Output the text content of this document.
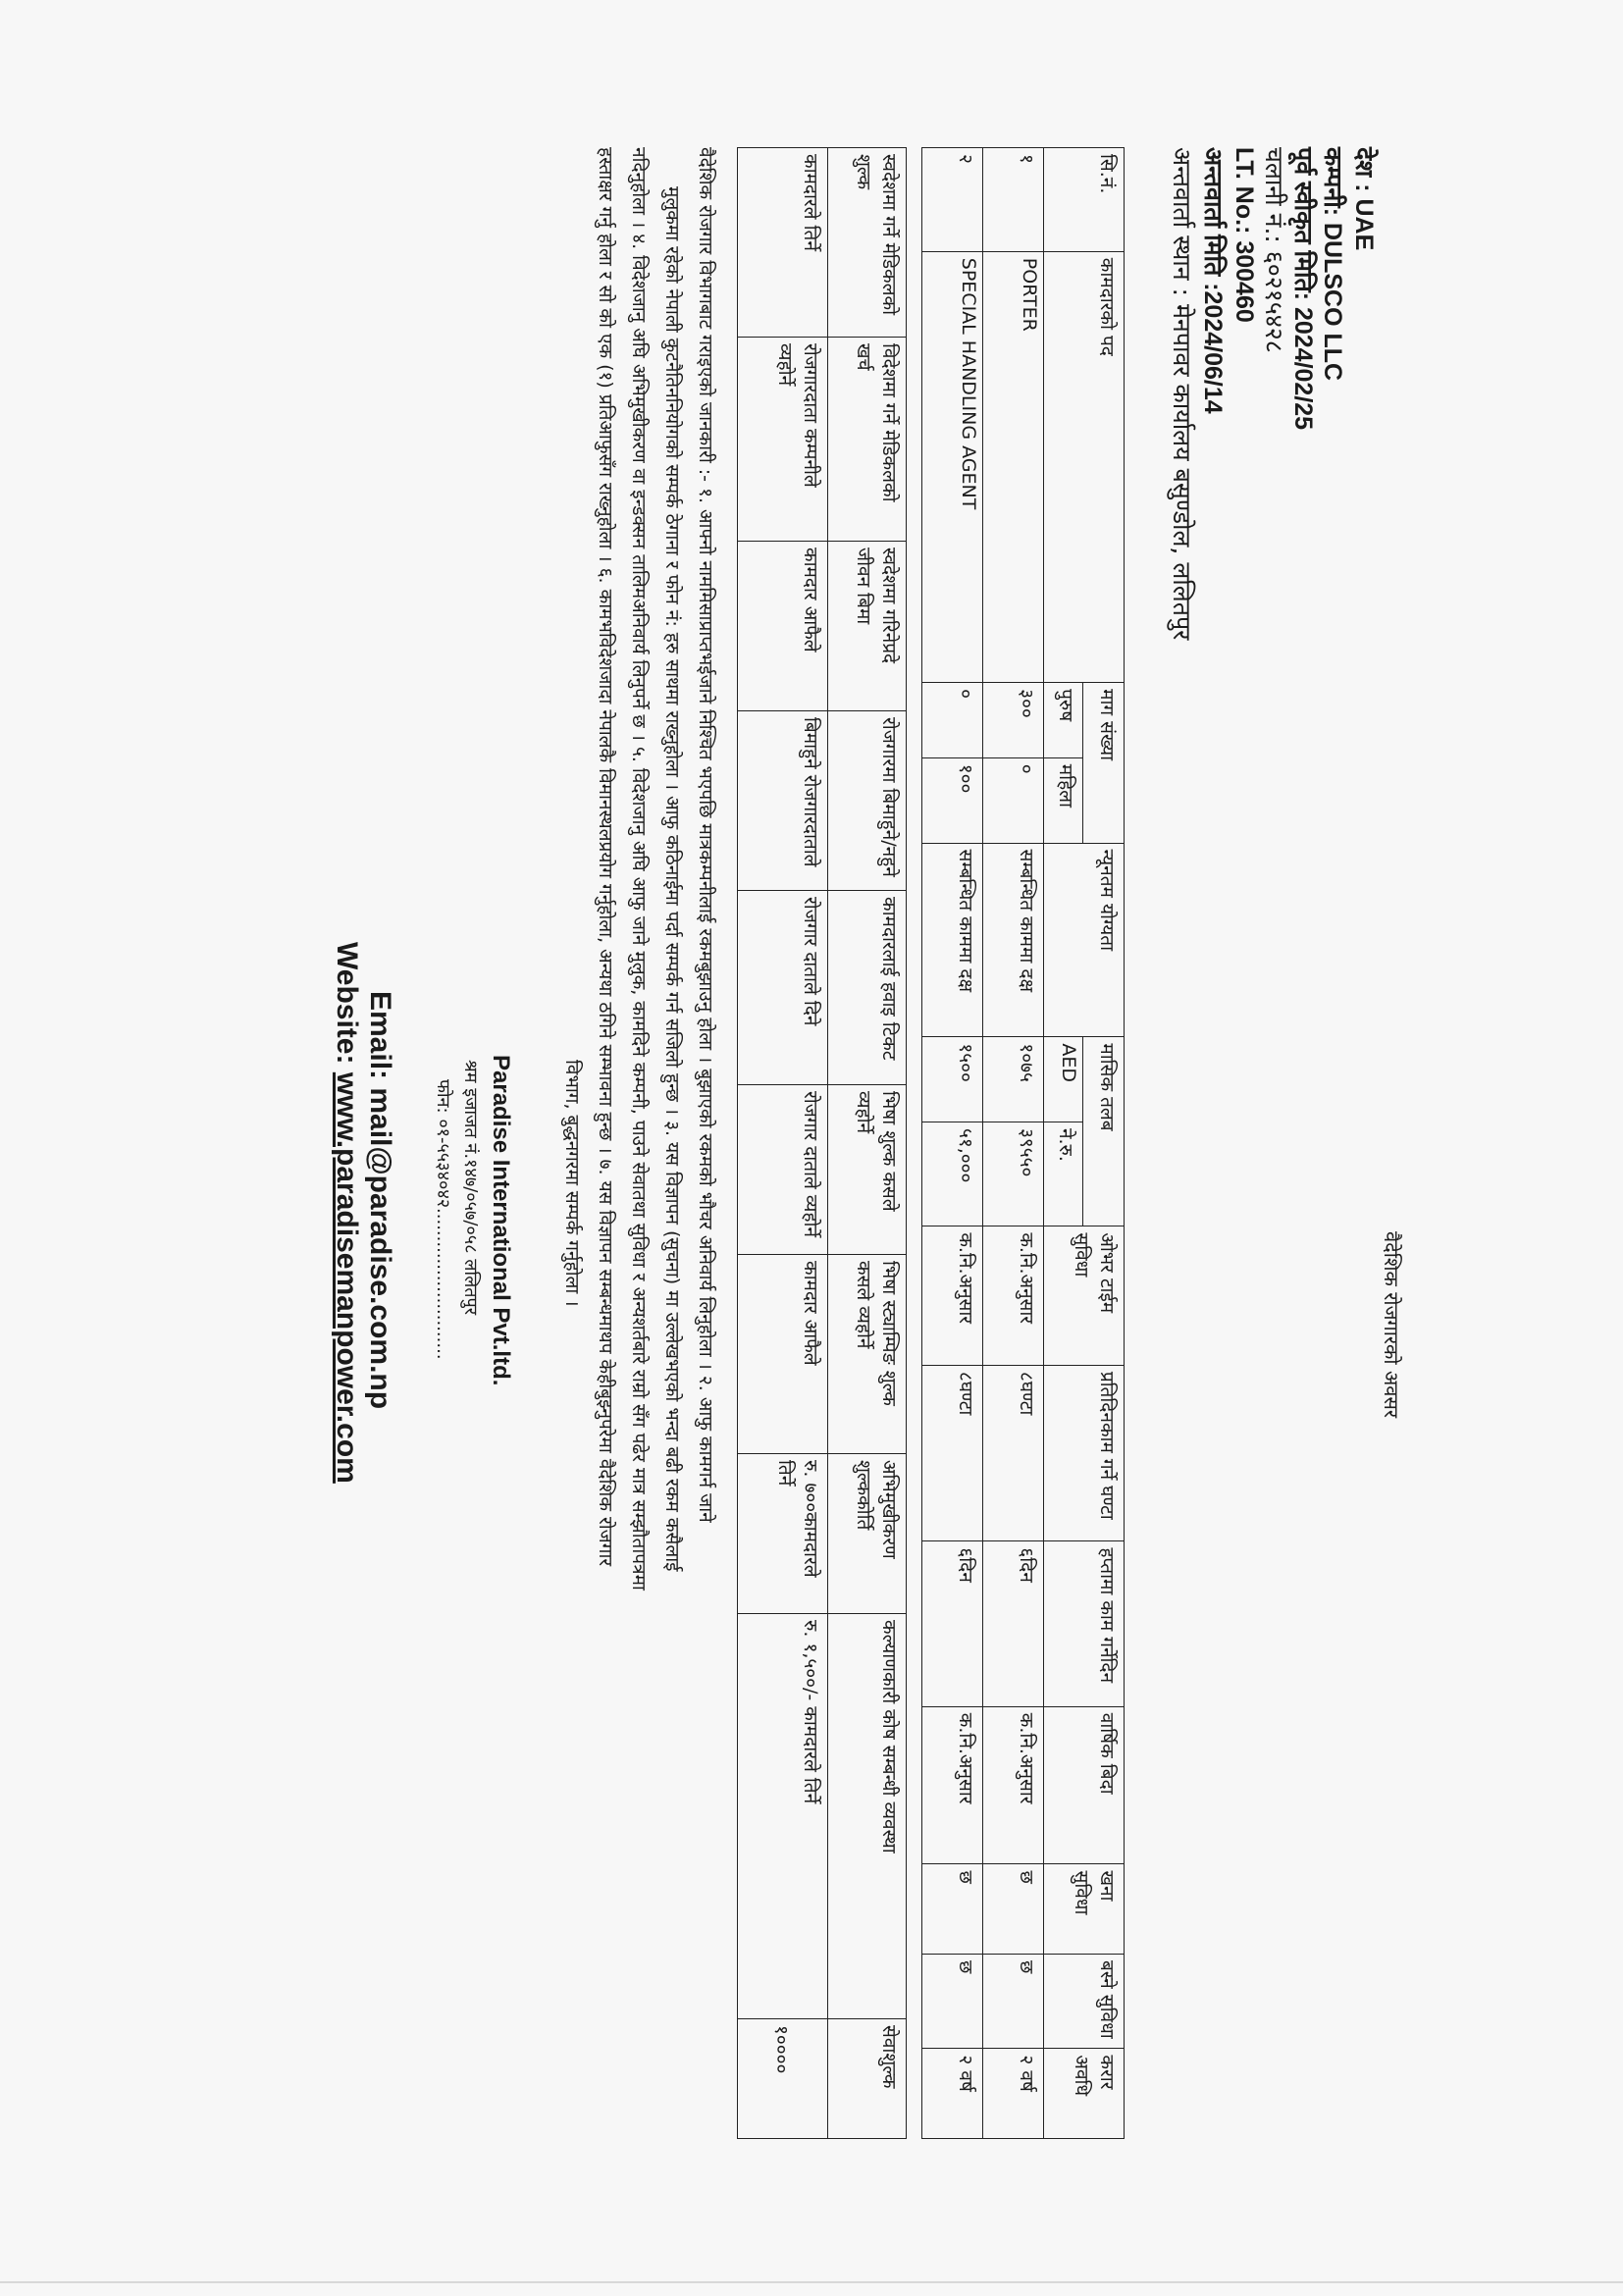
वैदेशिक रोजगारको अवसर
देश : UAE
कम्पनी: DULSCO LLC
पूर्व स्वीकृत मिति: 2024/02/25
चलानी नं.: ६०२१५४२८
LT. No.: 300460
अन्तवार्ता मिति :2024/06/14
अन्तवार्ता स्थान : मेनपावर कार्यालय बसुण्डोल, ललितपुर
सि.नं.	कामदारको पद	माग संख्या		न्यूनतम योग्यता	मासिक तलब		ओभर टाईम सुविधा	प्रतिदिनकाम गर्ने घण्टा	हप्तामा काम गर्नेदिन	वार्षिक बिदा	खना सुविधा	बस्ने सुविधा	करार अवधि
		पुरुष	महिला		AED	ने.रु.							
१	PORTER	३००	०	सम्बन्धित काममा दक्ष	१०७५	३९५५०	क.नि.अनुसार	८घण्टा	६दिन	क.नि.अनुसार	छ	छ	२ वर्ष
२	SPECIAL HANDLING AGENT	०	१००	सम्बन्धित काममा दक्ष	१५००	५१,०००	क.नि.अनुसार	८घण्टा	६दिन	क.नि.अनुसार	छ	छ	२ वर्ष
स्वदेशमा गर्ने मेडिकलको शुल्क	विदेशमा गर्ने मेडिकलको खर्च	स्वदेशमा गरिनेप्रदे जीवन बिमा	रोजगारमा बिमाहुने/नहुने	कामदारलाई हवाइ टिकट	भिषा शुल्क कसले व्यहोर्ने	भिषा स्ट्याम्पिङ शुल्क कसले व्यहोर्ने	अभिमुखीकरण शुल्ककोर्ति	कल्याणकारी कोष सम्बन्धी व्यवस्था	सेवाशुल्क
कामदारले तिर्ने	रोजगारदाता कम्पनीले व्यहोर्ने	कामदार आफैले	बिमाहुने रोजगारदाताले	रोजगार दाताले दिने	रोजगार दाताले व्यहोर्ने	कामदार आफैले	रु. ७००कामदारले तिर्ने	रु. १,५००/- कामदारले तिर्ने	१००००
वैदेशिक रोजगार विभागबाट गराइएको जानकारी :- १. आफ्नो नाममिसाप्राप्तभईजाने निश्चित भएपछि मात्रकम्पनीलाई रकमबुझाउनु होला । बुझाएको रकमको भौचर अनिवार्य लिनुहोला । २. आफु कामगर्न जाने
मुलुकमा रहेको नेपाली कुटनैतिननियोगको सम्पर्क ठेगाना र फोन नं: हरु साथमा राख्नुहोला । आफु कठिनाईमा पर्दा सम्पर्क गर्न सजिलो हुन्छ । ३. यस विज्ञापन (सुचना) मा उल्लेखभएको भन्दा बढी रकम कसैलाई
नदिनुहोला । ४. विदेशजानु अघि अभिमुखीकरण वा इन्डक्सन तालिमअनिवार्य लिनुपर्ने छ । ५. विदेशजानु अघि आफु जाने मुलुक, कामदिने कम्पनी, पाउने सेवातथा सुविधा र अन्यशर्तबारे राम्रो सँग पढेर मात्र सम्झौतापत्रमा
हस्ताक्षर गर्नु होला र सो को एक (१) प्रतिआफुसँग राख्नुहोला । ६. कामभविदेशजादा नेपालकै विमानस्थलप्रयोग गर्नुहोला, अन्यथा ठगिने सम्भावना हुन्छ । ७. यस विज्ञापन सम्बन्धमाथप केहीबुझ्नुपरेमा वैदेशिक रोजगार
विभाग, बुद्धनगरमा सम्पर्क गर्नुहोला ।
Paradise International Pvt.ltd.
श्रम इजाजत नं.१४७/०५७/०५८ ललितपुर
फोन: ०१-५५३४०४२...........................
Email: mail@paradise.com.np
Website: www.paradisemanpower.com
